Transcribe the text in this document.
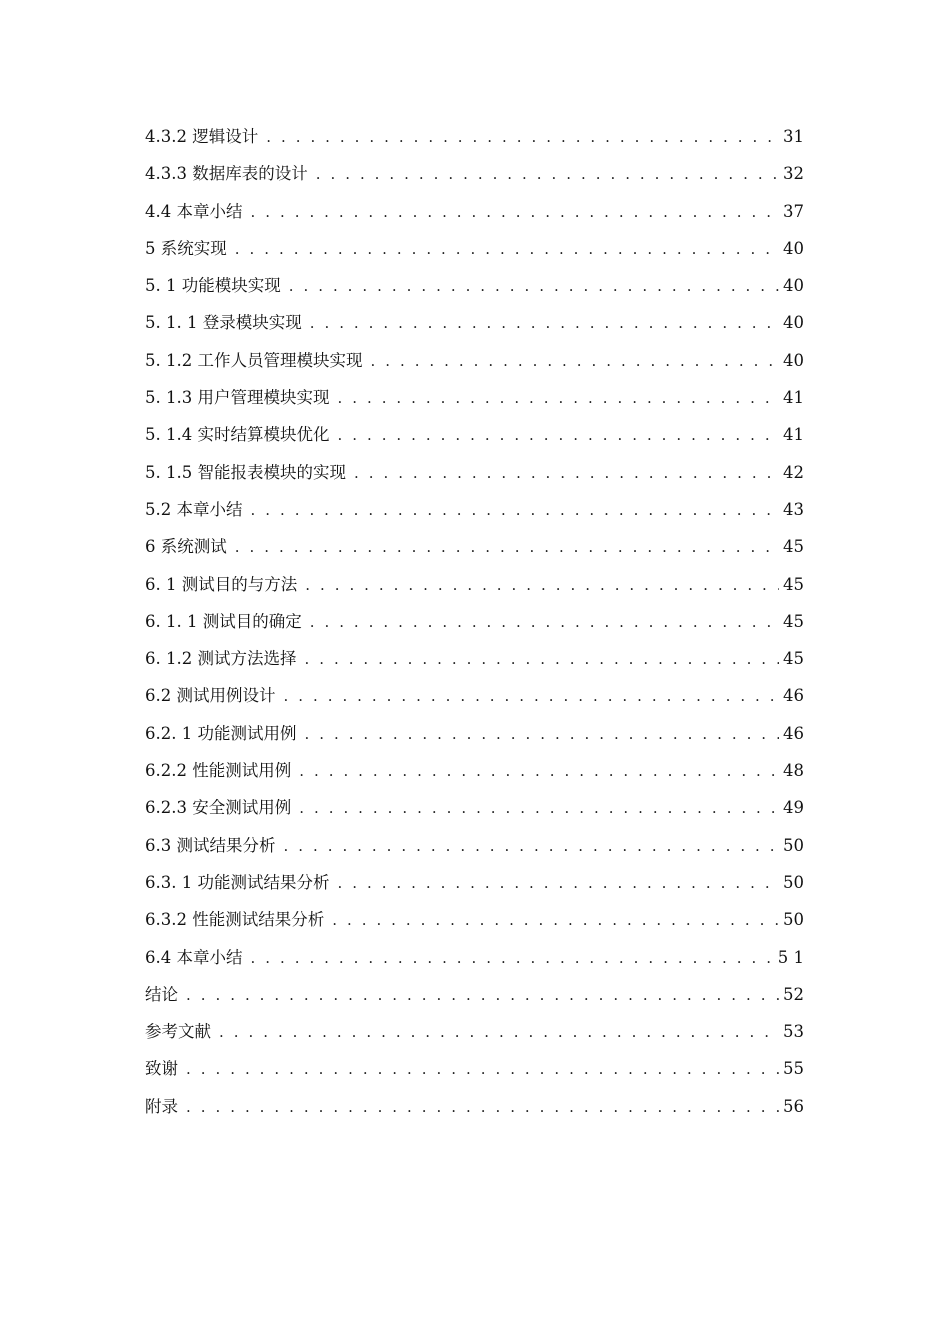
4.3.2 逻辑设计 . . .	31
4.3.3 数据库表的设计 . . .	32
4.4 本章小结 . . .	37
5 系统实现 . . .	40
5. 1 功能模块实现 . . .	40
5. 1. 1 登录模块实现 . . .	40
5. 1.2 工作人员管理模块实现 . . .	40
5. 1.3 用户管理模块实现 . . .	41
5. 1.4 实时结算模块优化 . . .	41
5. 1.5 智能报表模块的实现 . . .	42
5.2 本章小结 . . .	43
6 系统测试 . . .	45
6. 1 测试目的与方法 . . .	45
6. 1. 1 测试目的确定 . . .	45
6. 1.2 测试方法选择 . . .	45
6.2 测试用例设计 . . .	46
6.2. 1 功能测试用例 . . .	46
6.2.2 性能测试用例 . . .	48
6.2.3 安全测试用例 . . .	49
6.3 测试结果分析 . . .	50
6.3. 1 功能测试结果分析 . . .	50
6.3.2 性能测试结果分析 . . .	50
6.4 本章小结 . . .	5 1
结论 . . .	52
参考文献 . . .	53
致谢 . . .	55
附录 . . .	56
